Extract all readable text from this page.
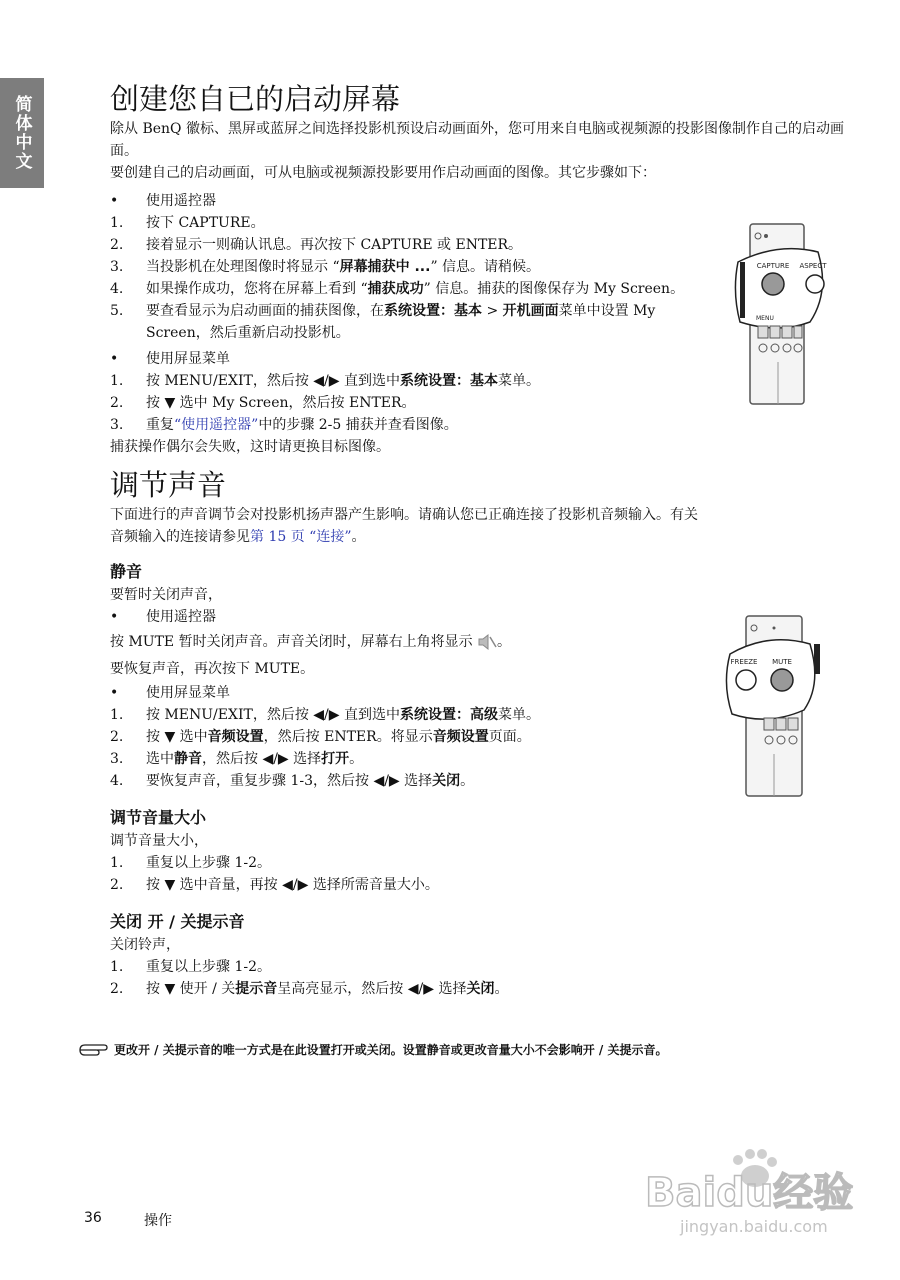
简体中文	创建您自已的启动屏幕

除从 BenQ 徽标、黑屏或蓝屏之间选择投影机预设启动画面外，您可用来自电脑或视频源的投影图像制作自己的启动画面。

要创建自己的启动画面，可从电脑或视频源投影要用作启动画面的图像。其它步骤如下：

• 使用遥控器
1. 按下 CAPTURE。
2. 接着显示一则确认讯息。再次按下 CAPTURE 或 ENTER。
3. 当投影机在处理图像时将显示 “屏幕捕获中 ...” 信息。请稍候。
4. 如果操作成功，您将在屏幕上看到 “捕获成功” 信息。捕获的图像保存为 My Screen。
5. 要查看显示为启动画面的捕获图像，在系统设置：基本 > 开机画面菜单中设置 My Screen，然后重新启动投影机。
• 使用屏显菜单
1. 按 MENU/EXIT，然后按 ◀/▶ 直到选中系统设置：基本菜单。
2. 按 ▼ 选中 My Screen，然后按 ENTER。
3. 重复“使用遥控器”中的步骤 2-5 捕获并查看图像。

捕获操作偶尔会失败，这时请更换目标图像。

调节声音

下面进行的声音调节会对投影机扬声器产生影响。请确认您已正确连接了投影机音频输入。有关音频输入的连接请参见第 15 页 “连接”。

静音

要暂时关闭声音，

• 使用遥控器

按 MUTE 暂时关闭声音。声音关闭时，屏幕右上角将显示 。

要恢复声音，再次按下 MUTE。

• 使用屏显菜单
1. 按 MENU/EXIT，然后按 ◀/▶ 直到选中系统设置：高级菜单。
2. 按 ▼ 选中音频设置，然后按 ENTER。将显示音频设置页面。
3. 选中静音，然后按 ◀/▶ 选择打开。
4. 要恢复声音，重复步骤 1-3，然后按 ◀/▶ 选择关闭。
调节音量大小

调节音量大小，

1. 重复以上步骤 1-2。
2. 按 ▼ 选中音量，再按 ◀/▶ 选择所需音量大小。
关闭 开 / 关提示音

关闭铃声，

1. 重复以上步骤 1-2。
2. 按 ▼ 使开 / 关提示音呈高亮显示，然后按 ◀/▶ 选择关闭。
CAPTURE ASPECT
MENU
FREEZE MUTE
更改开 / 关提示音的唯一方式是在此设置打开或关闭。设置静音或更改音量大小不会影响开 / 关提示音。
36	操作
Baidu经验
jingyan.baidu.com
